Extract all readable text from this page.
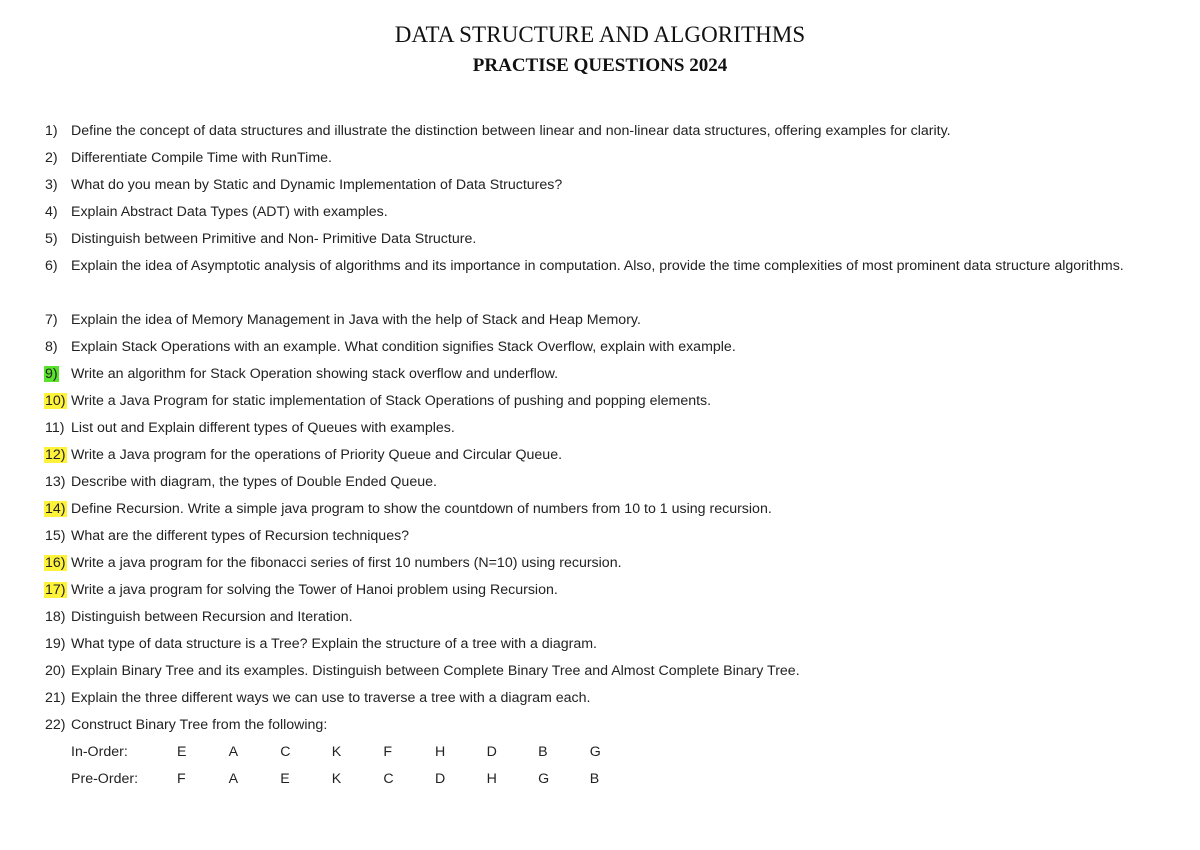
DATA STRUCTURE AND ALGORITHMS
PRACTISE QUESTIONS 2024
1) Define the concept of data structures and illustrate the distinction between linear and non-linear data structures, offering examples for clarity.
2) Differentiate Compile Time with RunTime.
3) What do you mean by Static and Dynamic Implementation of Data Structures?
4) Explain Abstract Data Types (ADT) with examples.
5) Distinguish between Primitive and Non- Primitive Data Structure.
6) Explain the idea of Asymptotic analysis of algorithms and its importance in computation. Also, provide the time complexities of most prominent data structure algorithms.
7) Explain the idea of Memory Management in Java with the help of Stack and Heap Memory.
8) Explain Stack Operations with an example. What condition signifies Stack Overflow, explain with example.
9) Write an algorithm for Stack Operation showing stack overflow and underflow.
10) Write a Java Program for static implementation of Stack Operations of pushing and popping elements.
11) List out and Explain different types of Queues with examples.
12) Write a Java program for the operations of Priority Queue and Circular Queue.
13) Describe with diagram, the types of Double Ended Queue.
14) Define Recursion. Write a simple java program to show the countdown of numbers from 10 to 1 using recursion.
15) What are the different types of Recursion techniques?
16) Write a java program for the fibonacci series of first 10 numbers (N=10) using recursion.
17) Write a java program for solving the Tower of Hanoi problem using Recursion.
18) Distinguish between Recursion and Iteration.
19) What type of data structure is a Tree? Explain the structure of a tree with a diagram.
20) Explain Binary Tree and its examples. Distinguish between Complete Binary Tree and Almost Complete Binary Tree.
21) Explain the three different ways we can use to traverse a tree with a diagram each.
22) Construct Binary Tree from the following:
In-Order:	E	A	C	K	F	H	D	B	G
Pre-Order:	F	A	E	K	C	D	H	G	B
